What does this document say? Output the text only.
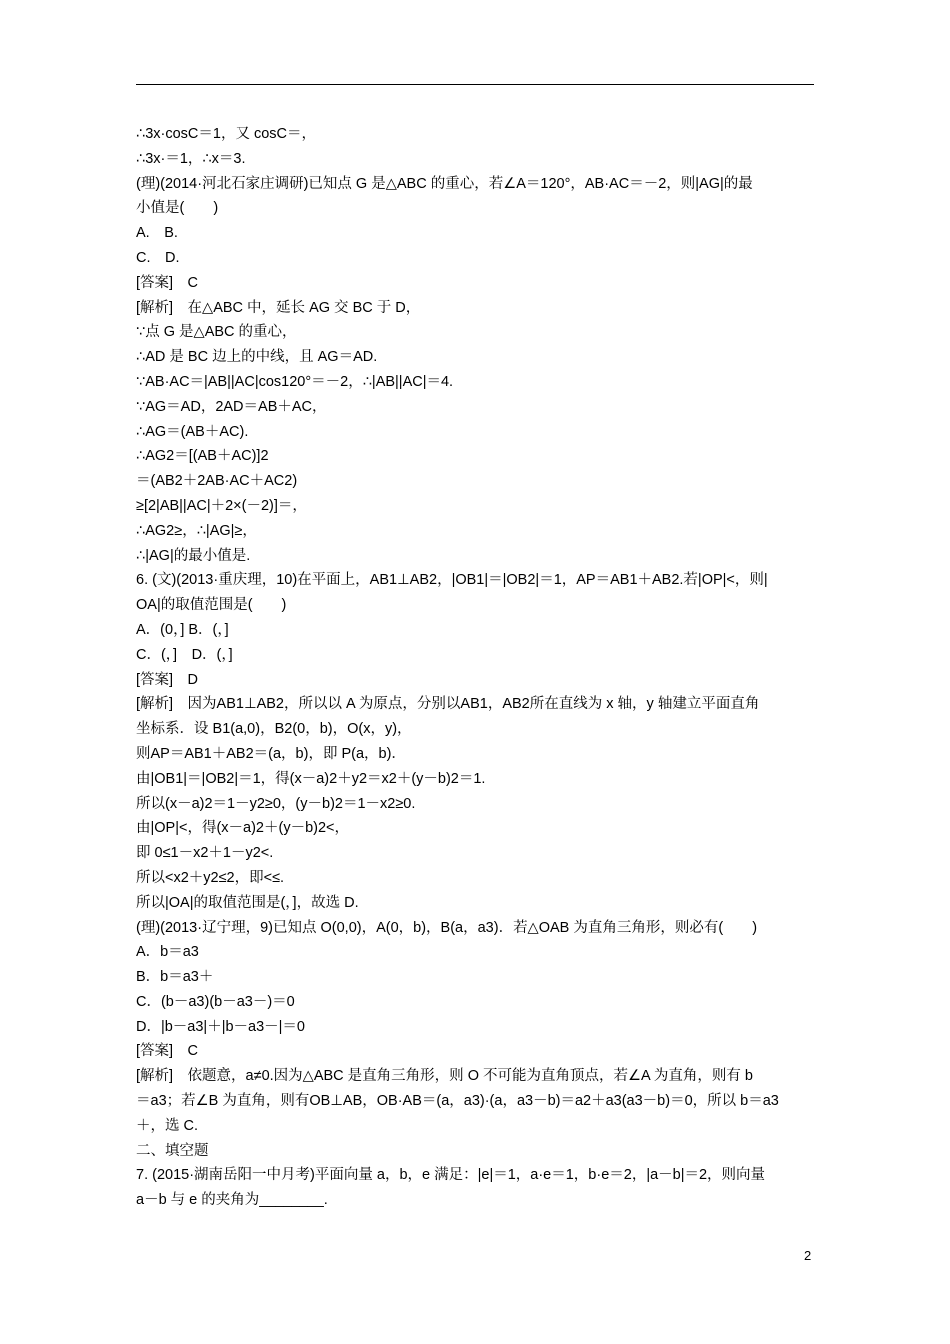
∴3x·cosC＝1，又 cosC＝，
∴3x·＝1，∴x＝3.
(理)(2014·河北石家庄调研)已知点 G 是△ABC 的重心，若∠A＝120°，AB·AC＝－2，则|AG|的最
小值是(　　)
A.　B.
C.　D.
[答案]　C
[解析]　在△ABC 中，延长 AG 交 BC 于 D，
∵点 G 是△ABC 的重心，
∴AD 是 BC 边上的中线，且 AG＝AD.
∵AB·AC＝|AB||AC|cos120°＝－2，∴|AB||AC|＝4.
∵AG＝AD，2AD＝AB＋AC，
∴AG＝(AB＋AC).
∴AG2＝[(AB＋AC)]2
＝(AB2＋2AB·AC＋AC2)
≥[2|AB||AC|＋2×(－2)]＝，
∴AG2≥，∴|AG|≥，
∴|AG|的最小值是.
6. (文)(2013·重庆理，10)在平面上，AB1⊥AB2，|OB1|＝|OB2|＝1，AP＝AB1＋AB2.若|OP|<，则|
OA|的取值范围是(　　)
A．(0，] B．(，]
C．(，]　D．(，]
[答案]　D
[解析]　因为AB1⊥AB2，所以以 A 为原点，分别以AB1，AB2所在直线为 x 轴，y 轴建立平面直角
坐标系．设 B1(a,0)，B2(0，b)，O(x，y)，
则AP＝AB1＋AB2＝(a，b)，即 P(a，b)．
由|OB1|＝|OB2|＝1，得(x－a)2＋y2＝x2＋(y－b)2＝1.
所以(x－a)2＝1－y2≥0，(y－b)2＝1－x2≥0.
由|OP|<，得(x－a)2＋(y－b)2<，
即 0≤1－x2＋1－y2<.
所以<x2＋y2≤2，即<≤.
所以|OA|的取值范围是(，]，故选 D.
(理)(2013·辽宁理，9)已知点 O(0,0)，A(0，b)，B(a，a3)．若△OAB 为直角三角形，则必有(　　)
A．b＝a3
B．b＝a3＋
C．(b－a3)(b－a3－)＝0
D．|b－a3|＋|b－a3－|＝0
[答案]　C
[解析]　依题意，a≠0.因为△ABC 是直角三角形，则 O 不可能为直角顶点，若∠A 为直角，则有 b
＝a3；若∠B 为直角，则有OB⊥AB，OB·AB＝(a，a3)·(a，a3－b)＝a2＋a3(a3－b)＝0，所以 b＝a3
＋，选 C.
二、填空题
7. (2015·湖南岳阳一中月考)平面向量 a，b，e 满足：|e|＝1，a·e＝1，b·e＝2，|a－b|＝2，则向量
a－b 与 e 的夹角为________.
2
